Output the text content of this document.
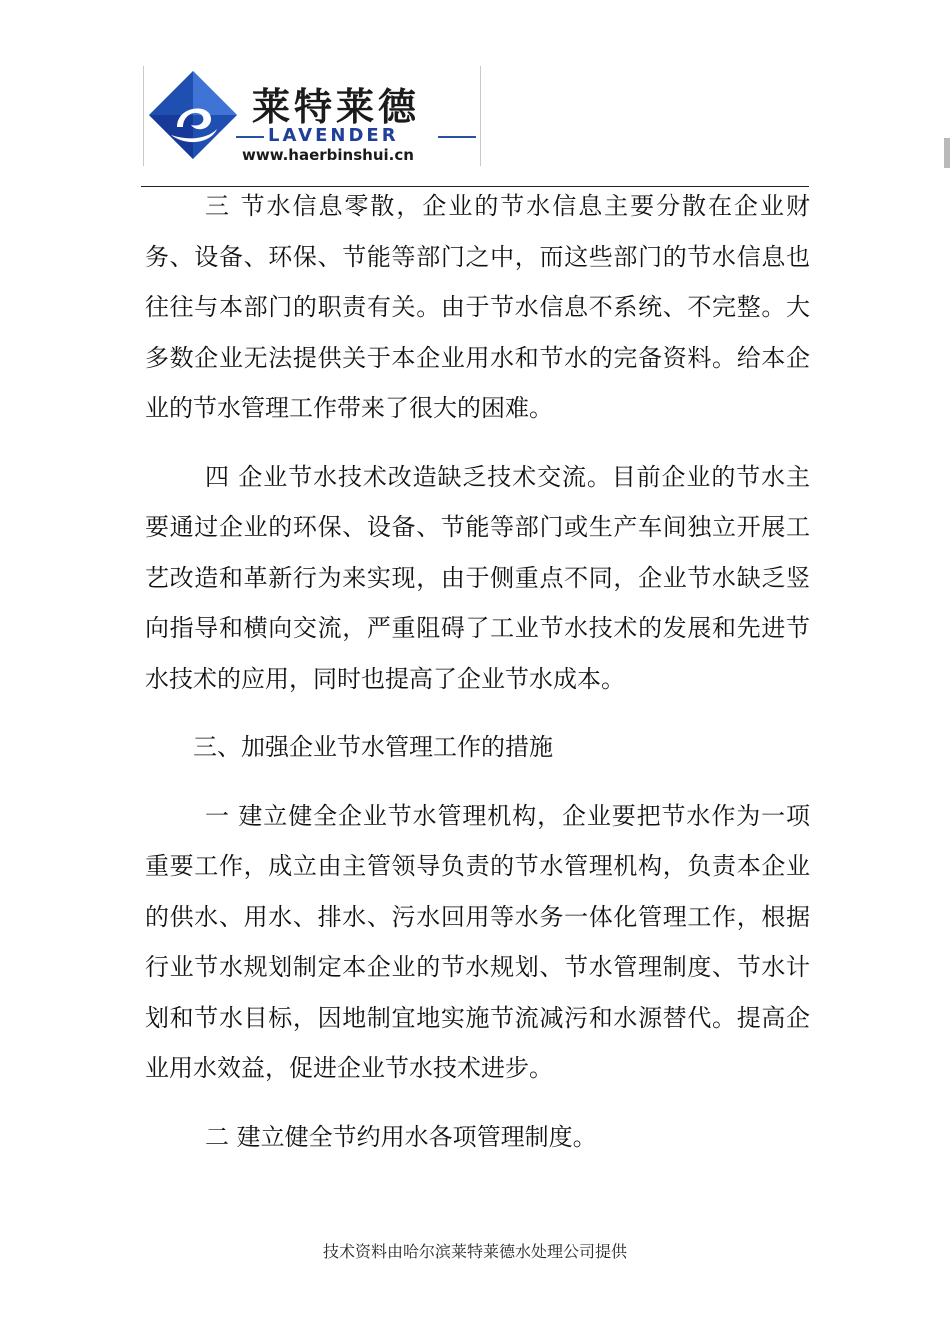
莱特莱德
LAVENDER
www.haerbinshui.cn

三 节水信息零散，企业的节水信息主要分散在企业财务、设备、环保、节能等部门之中，而这些部门的节水信息也往往与本部门的职责有关。由于节水信息不系统、不完整。大多数企业无法提供关于本企业用水和节水的完备资料。给本企业的节水管理工作带来了很大的困难。

四 企业节水技术改造缺乏技术交流。目前企业的节水主要通过企业的环保、设备、节能等部门或生产车间独立开展工艺改造和革新行为来实现，由于侧重点不同，企业节水缺乏竖向指导和横向交流，严重阻碍了工业节水技术的发展和先进节水技术的应用，同时也提高了企业节水成本。

三、加强企业节水管理工作的措施

一 建立健全企业节水管理机构，企业要把节水作为一项重要工作，成立由主管领导负责的节水管理机构，负责本企业的供水、用水、排水、污水回用等水务一体化管理工作，根据行业节水规划制定本企业的节水规划、节水管理制度、节水计划和节水目标，因地制宜地实施节流减污和水源替代。提高企业用水效益，促进企业节水技术进步。

二 建立健全节约用水各项管理制度。

技术资料由哈尔滨莱特莱德水处理公司提供
